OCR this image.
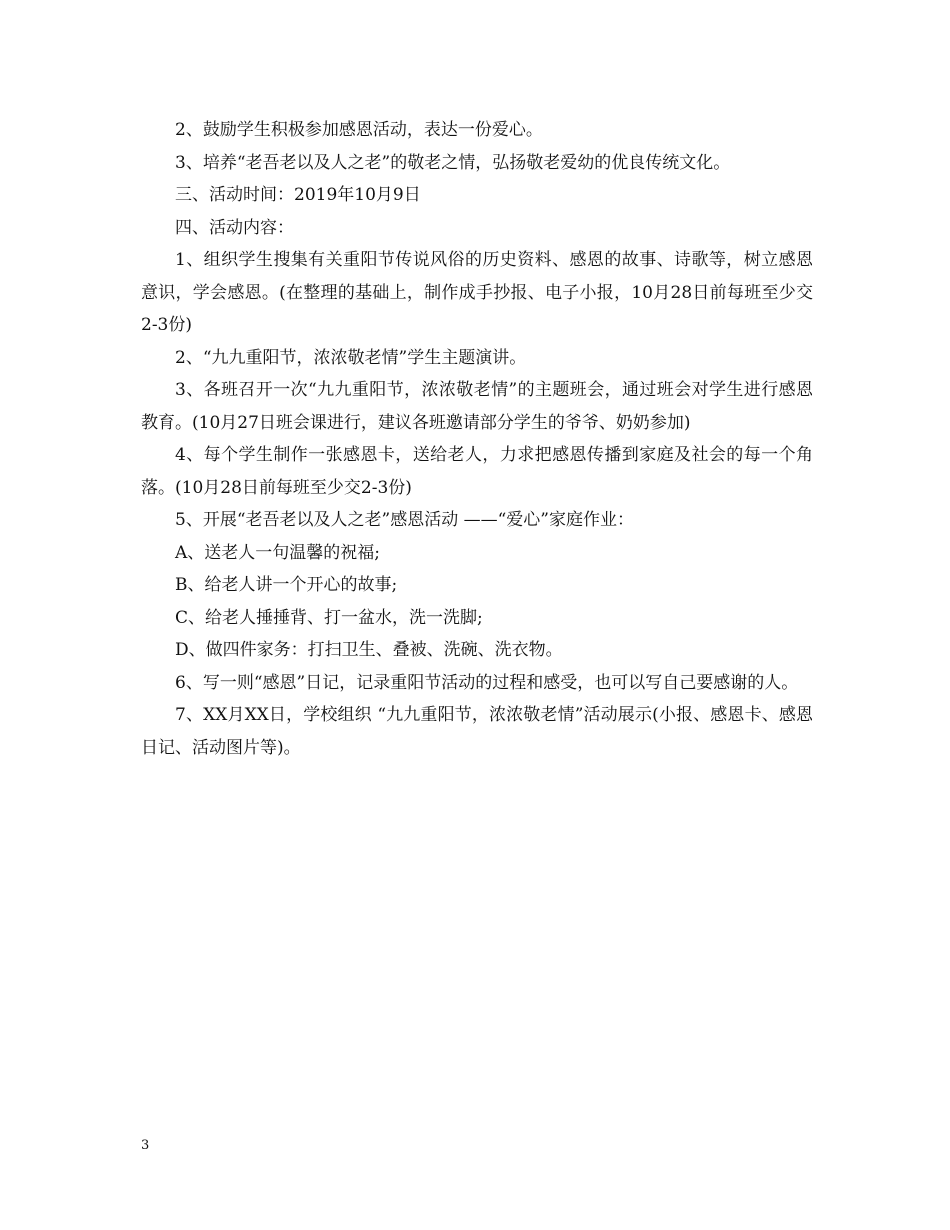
2、鼓励学生积极参加感恩活动，表达一份爱心。

3、培养“老吾老以及人之老”的敬老之情，弘扬敬老爱幼的优良传统文化。

三、活动时间：2019年10月9日

四、活动内容：

1、组织学生搜集有关重阳节传说风俗的历史资料、感恩的故事、诗歌等，树立感恩意识，学会感恩。(在整理的基础上，制作成手抄报、电子小报，10月28日前每班至少交2-3份)

2、“九九重阳节，浓浓敬老情”学生主题演讲。

3、各班召开一次“九九重阳节，浓浓敬老情”的主题班会，通过班会对学生进行感恩教育。(10月27日班会课进行，建议各班邀请部分学生的爷爷、奶奶参加)

4、每个学生制作一张感恩卡，送给老人，力求把感恩传播到家庭及社会的每一个角落。(10月28日前每班至少交2-3份)

5、开展“老吾老以及人之老”感恩活动 ——“爱心”家庭作业：

A、送老人一句温馨的祝福;

B、给老人讲一个开心的故事;

C、给老人捶捶背、打一盆水，洗一洗脚;

D、做四件家务：打扫卫生、叠被、洗碗、洗衣物。

6、写一则“感恩”日记，记录重阳节活动的过程和感受，也可以写自己要感谢的人。

7、XX月XX日，学校组织 “九九重阳节，浓浓敬老情”活动展示(小报、感恩卡、感恩日记、活动图片等)。

3
